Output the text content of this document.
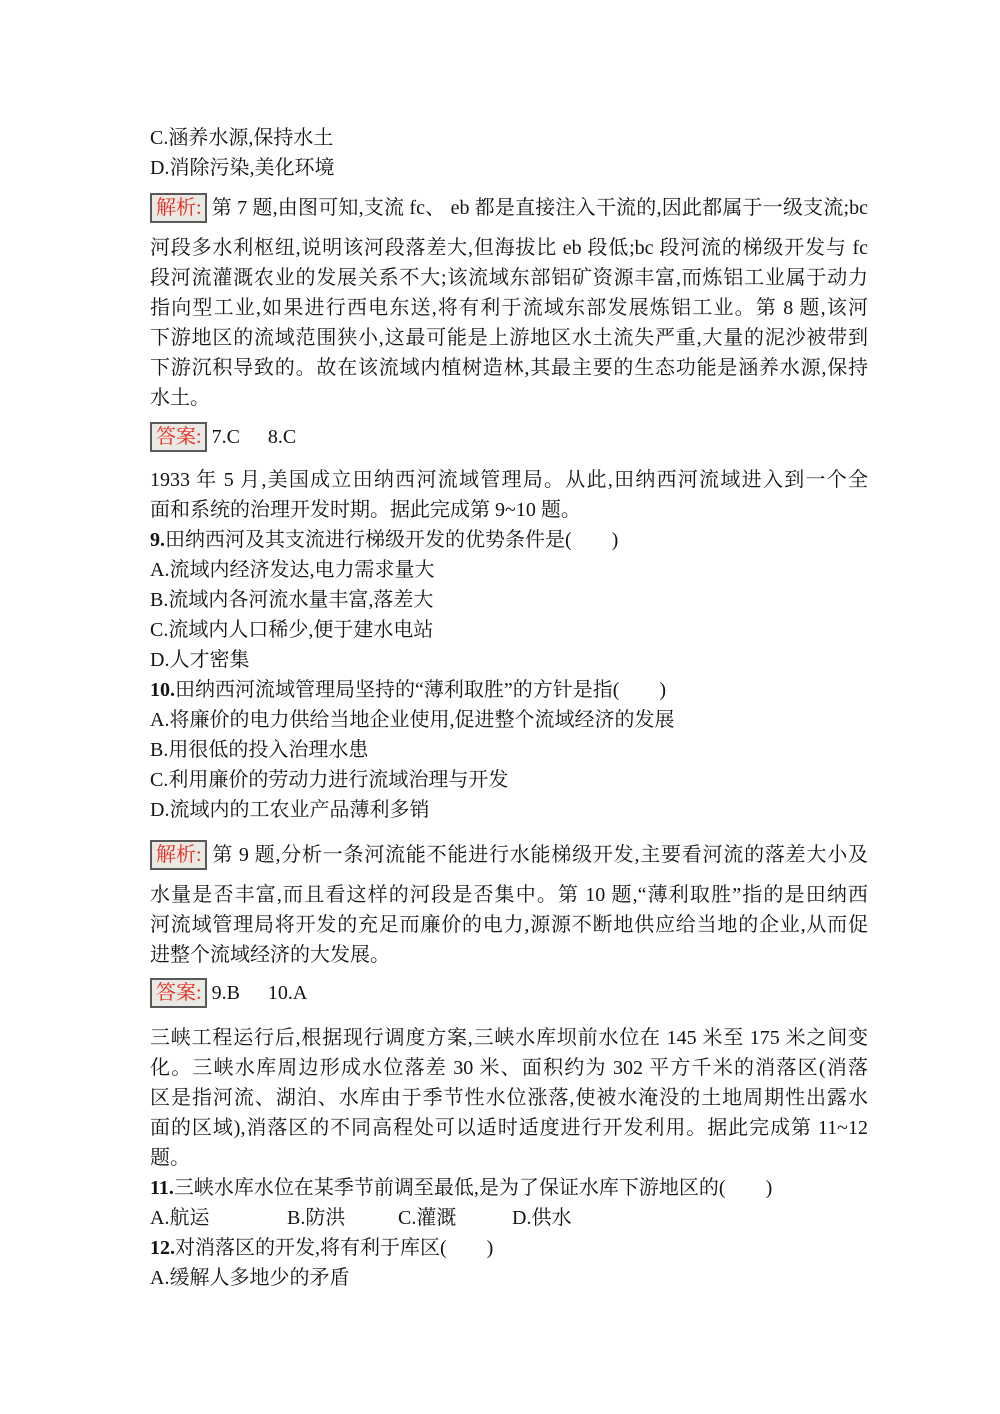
C.涵养水源,保持水土
D.消除污染,美化环境
解析: 第 7 题,由图可知,支流 fc、 eb 都是直接注入干流的,因此都属于一级支流;bc
河段多水利枢纽,说明该河段落差大,但海拔比 eb 段低;bc 段河流的梯级开发与 fc
段河流灌溉农业的发展关系不大;该流域东部铝矿资源丰富,而炼铝工业属于动力
指向型工业,如果进行西电东送,将有利于流域东部发展炼铝工业。第 8 题,该河
下游地区的流域范围狭小,这最可能是上游地区水土流失严重,大量的泥沙被带到
下游沉积导致的。故在该流域内植树造林,其最主要的生态功能是涵养水源,保持
水土。
答案: 7.C 8.C
1933 年 5 月,美国成立田纳西河流域管理局。从此,田纳西河流域进入到一个全
面和系统的治理开发时期。据此完成第 9~10 题。
9.田纳西河及其支流进行梯级开发的优势条件是(　　)
A.流域内经济发达,电力需求量大
B.流域内各河流水量丰富,落差大
C.流域内人口稀少,便于建水电站
D.人才密集
10.田纳西河流域管理局坚持的“薄利取胜”的方针是指(　　)
A.将廉价的电力供给当地企业使用,促进整个流域经济的发展
B.用很低的投入治理水患
C.利用廉价的劳动力进行流域治理与开发
D.流域内的工农业产品薄利多销
解析: 第 9 题,分析一条河流能不能进行水能梯级开发,主要看河流的落差大小及
水量是否丰富,而且看这样的河段是否集中。第 10 题,“薄利取胜”指的是田纳西
河流域管理局将开发的充足而廉价的电力,源源不断地供应给当地的企业,从而促
进整个流域经济的大发展。
答案: 9.B 10.A
三峡工程运行后,根据现行调度方案,三峡水库坝前水位在 145 米至 175 米之间变
化。三峡水库周边形成水位落差 30 米、面积约为 302 平方千米的消落区(消落
区是指河流、湖泊、水库由于季节性水位涨落,使被水淹没的土地周期性出露水
面的区域),消落区的不同高程处可以适时适度进行开发利用。据此完成第 11~12
题。
11.三峡水库水位在某季节前调至最低,是为了保证水库下游地区的(　　)
A.航运	B.防洪	C.灌溉	D.供水
12.对消落区的开发,将有利于库区(　　)
A.缓解人多地少的矛盾
